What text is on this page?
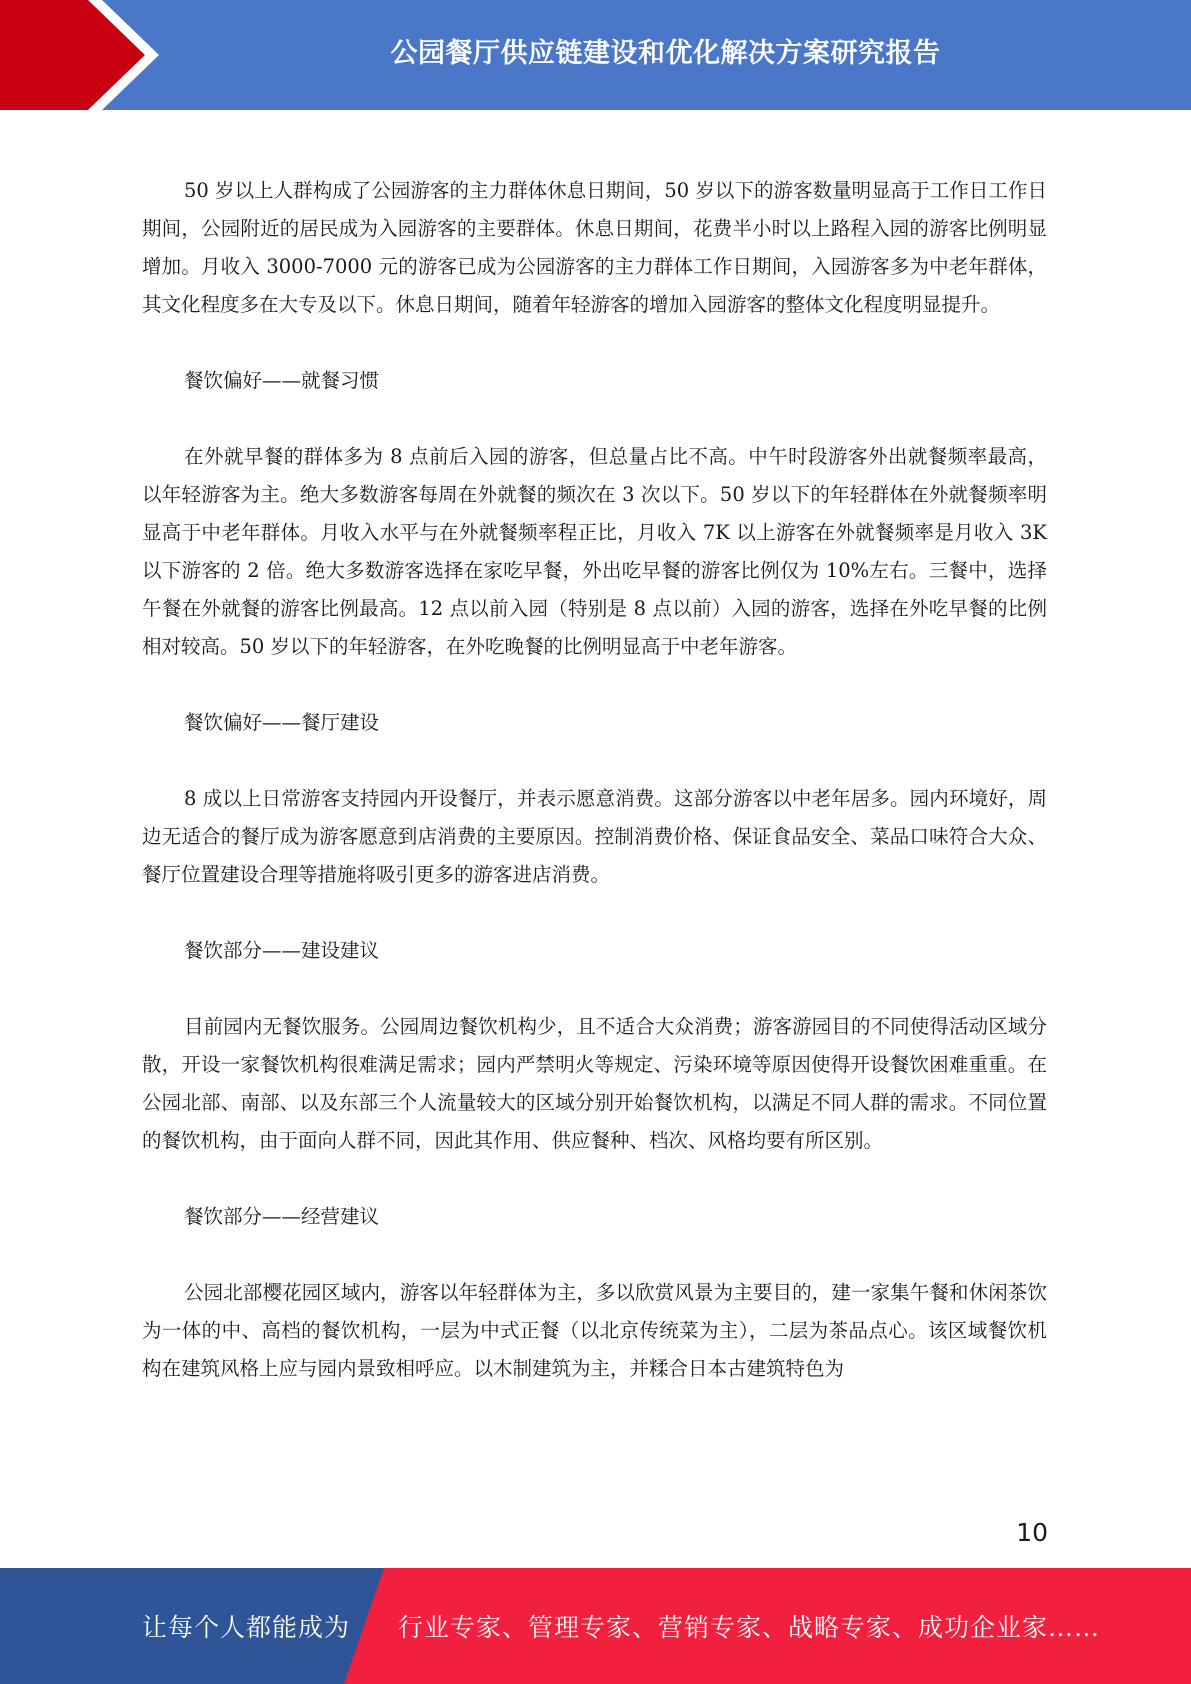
公园餐厅供应链建设和优化解决方案研究报告

50 岁以上人群构成了公园游客的主力群体休息日期间，50 岁以下的游客数量明显高于工作日工作日期间，公园附近的居民成为入园游客的主要群体。休息日期间，花费半小时以上路程入园的游客比例明显增加。月收入 3000-7000 元的游客已成为公园游客的主力群体工作日期间，入园游客多为中老年群体，其文化程度多在大专及以下。休息日期间，随着年轻游客的增加入园游客的整体文化程度明显提升。

餐饮偏好——就餐习惯

在外就早餐的群体多为 8 点前后入园的游客，但总量占比不高。中午时段游客外出就餐频率最高，以年轻游客为主。绝大多数游客每周在外就餐的频次在 3 次以下。50 岁以下的年轻群体在外就餐频率明显高于中老年群体。月收入水平与在外就餐频率程正比，月收入 7K 以上游客在外就餐频率是月收入 3K 以下游客的 2 倍。绝大多数游客选择在家吃早餐，外出吃早餐的游客比例仅为 10%左右。三餐中，选择午餐在外就餐的游客比例最高。12 点以前入园（特别是 8 点以前）入园的游客，选择在外吃早餐的比例相对较高。50 岁以下的年轻游客，在外吃晚餐的比例明显高于中老年游客。

餐饮偏好——餐厅建设

8 成以上日常游客支持园内开设餐厅，并表示愿意消费。这部分游客以中老年居多。园内环境好，周边无适合的餐厅成为游客愿意到店消费的主要原因。控制消费价格、保证食品安全、菜品口味符合大众、餐厅位置建设合理等措施将吸引更多的游客进店消费。

餐饮部分——建设建议

目前园内无餐饮服务。公园周边餐饮机构少，且不适合大众消费；游客游园目的不同使得活动区域分散，开设一家餐饮机构很难满足需求；园内严禁明火等规定、污染环境等原因使得开设餐饮困难重重。在公园北部、南部、以及东部三个人流量较大的区域分别开始餐饮机构，以满足不同人群的需求。不同位置的餐饮机构，由于面向人群不同，因此其作用、供应餐种、档次、风格均要有所区别。

餐饮部分——经营建议

公园北部樱花园区域内，游客以年轻群体为主，多以欣赏风景为主要目的，建一家集午餐和休闲茶饮为一体的中、高档的餐饮机构，一层为中式正餐（以北京传统菜为主），二层为茶品点心。该区域餐饮机构在建筑风格上应与园内景致相呼应。以木制建筑为主，并糅合日本古建筑特色为

10
让每个人都能成为 行业专家、管理专家、营销专家、战略专家、成功企业家……
